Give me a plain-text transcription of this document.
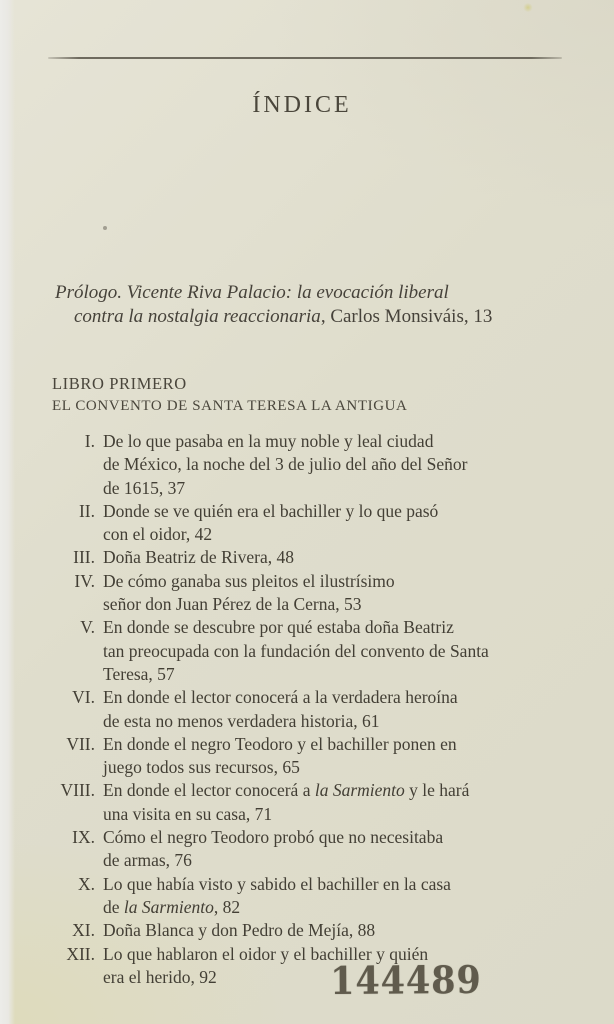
ÍNDICE
Prólogo. Vicente Riva Palacio: la evocación liberal
contra la nostalgia reaccionaria, Carlos Monsiváis, 13
LIBRO PRIMERO
EL CONVENTO DE SANTA TERESA LA ANTIGUA
I. De lo que pasaba en la muy noble y leal ciudad
de México, la noche del 3 de julio del año del Señor
de 1615, 37
II. Donde se ve quién era el bachiller y lo que pasó
con el oidor, 42
III. Doña Beatriz de Rivera, 48
IV. De cómo ganaba sus pleitos el ilustrísimo
señor don Juan Pérez de la Cerna, 53
V. En donde se descubre por qué estaba doña Beatriz
tan preocupada con la fundación del convento de Santa
Teresa, 57
VI. En donde el lector conocerá a la verdadera heroína
de esta no menos verdadera historia, 61
VII. En donde el negro Teodoro y el bachiller ponen en
juego todos sus recursos, 65
VIII. En donde el lector conocerá a la Sarmiento y le hará
una visita en su casa, 71
IX. Cómo el negro Teodoro probó que no necesitaba
de armas, 76
X. Lo que había visto y sabido el bachiller en la casa
de la Sarmiento, 82
XI. Doña Blanca y don Pedro de Mejía, 88
XII. Lo que hablaron el oidor y el bachiller y quién
era el herido, 92	144489
